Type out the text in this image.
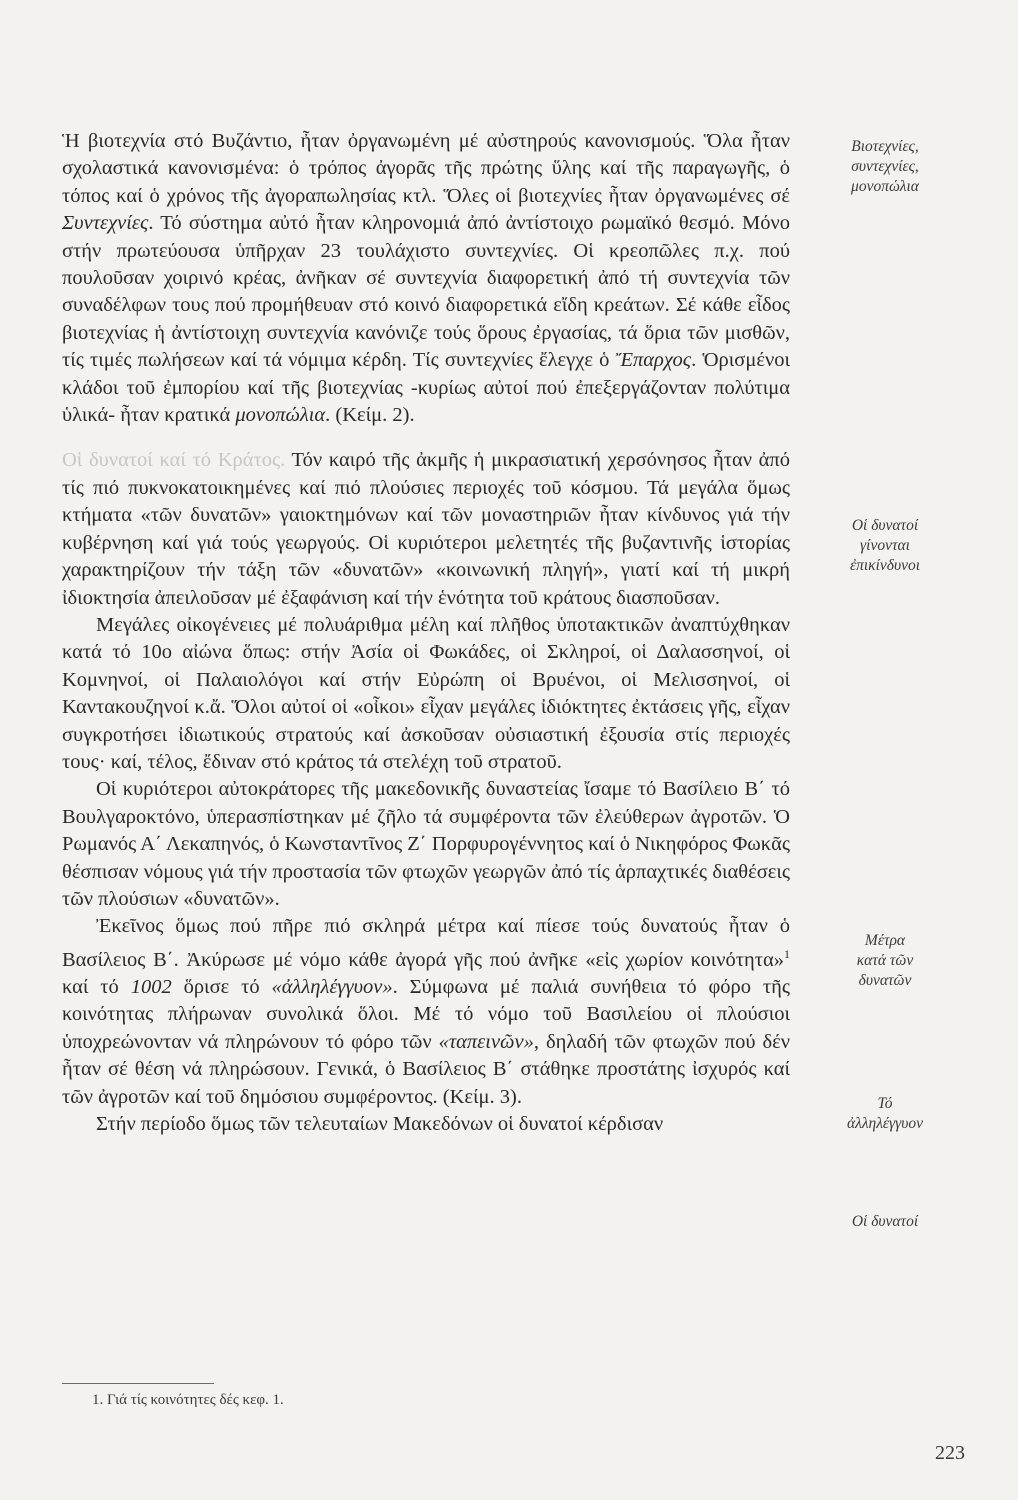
Ἡ βιοτεχνία στό Βυζάντιο, ἦταν ὀργανωμένη μέ αὐστηρούς κανονισμούς. Ὅλα ἦταν σχολαστικά κανονισμένα: ὁ τρόπος ἀγορᾶς τῆς πρώτης ὕλης καί τῆς παραγωγῆς, ὁ τόπος καί ὁ χρόνος τῆς ἀγοραπωλησίας κτλ. Ὅλες οἱ βιοτεχνίες ἦταν ὀργανωμένες σέ Συντεχνίες. Τό σύστημα αὐτό ἦταν κληρονομιά ἀπό ἀντίστοιχο ρωμαϊκό θεσμό. Μόνο στήν πρωτεύουσα ὑπῆρχαν 23 τουλάχιστο συντεχνίες. Οἱ κρεοπῶλες π.χ. πού πουλοῦσαν χοιρινό κρέας, ἀνῆκαν σέ συντεχνία διαφορετική ἀπό τή συντεχνία τῶν συναδέλφων τους πού προμήθευαν στό κοινό διαφορετικά εἴδη κρεάτων. Σέ κάθε εἶδος βιοτεχνίας ἡ ἀντίστοιχη συντεχνία κανόνιζε τούς ὅρους ἐργασίας, τά ὅρια τῶν μισθῶν, τίς τιμές πωλήσεων καί τά νόμιμα κέρδη. Τίς συντεχνίες ἔλεγχε ὁ Ἔπαρχος. Ὁρισμένοι κλάδοι τοῦ ἐμπορίου καί τῆς βιοτεχνίας -κυρίως αὐτοί πού ἐπεξεργάζονταν πολύτιμα ὑλικά- ἦταν κρατικά μονοπώλια. (Κείμ. 2).

Οἱ δυνατοί καί τό Κράτος. Τόν καιρό τῆς ἀκμῆς ἡ μικρασιατική χερσόνησος ἦταν ἀπό τίς πιό πυκνοκατοικημένες καί πιό πλούσιες περιοχές τοῦ κόσμου. Τά μεγάλα ὅμως κτήματα «τῶν δυνατῶν» γαιοκτημόνων καί τῶν μοναστηριῶν ἦταν κίνδυνος γιά τήν κυβέρνηση καί γιά τούς γεωργούς. Οἱ κυριότεροι μελετητές τῆς βυζαντινῆς ἱστορίας χαρακτηρίζουν τήν τάξη τῶν «δυνατῶν» «κοινωνική πληγή», γιατί καί τή μικρή ἰδιοκτησία ἀπειλοῦσαν μέ ἐξαφάνιση καί τήν ἑνότητα τοῦ κράτους διασποῦσαν.

Μεγάλες οἰκογένειες μέ πολυάριθμα μέλη καί πλῆθος ὑποτακτικῶν ἀναπτύχθηκαν κατά τό 10ο αἰώνα ὅπως: στήν Ἀσία οἱ Φωκάδες, οἱ Σκληροί, οἱ Δαλασσηνοί, οἱ Κομνηνοί, οἱ Παλαιολόγοι καί στήν Εὐρώπη οἱ Βρυένοι, οἱ Μελισσηνοί, οἱ Καντακουζηνοί κ.ἄ. Ὅλοι αὐτοί οἱ «οἶκοι» εἶχαν μεγάλες ἰδιόκτητες ἐκτάσεις γῆς, εἶχαν συγκροτήσει ἰδιωτικούς στρατούς καί ἀσκοῦσαν οὐσιαστική ἐξουσία στίς περιοχές τους· καί, τέλος, ἔδιναν στό κράτος τά στελέχη τοῦ στρατοῦ.

Οἱ κυριότεροι αὐτοκράτορες τῆς μακεδονικῆς δυναστείας ἴσαμε τό Βασίλειο Β΄ τό Βουλγαροκτόνο, ὑπερασπίστηκαν μέ ζῆλο τά συμφέροντα τῶν ἐλεύθερων ἀγροτῶν. Ὁ Ρωμανός Α΄ Λεκαπηνός, ὁ Κωνσταντῖνος Ζ΄ Πορφυρογέννητος καί ὁ Νικηφόρος Φωκᾶς θέσπισαν νόμους γιά τήν προστασία τῶν φτωχῶν γεωργῶν ἀπό τίς ἁρπαχτικές διαθέσεις τῶν πλούσιων «δυνατῶν».

Ἐκεῖνος ὅμως πού πῆρε πιό σκληρά μέτρα καί πίεσε τούς δυνατούς ἦταν ὁ Βασίλειος Β΄. Ἀκύρωσε μέ νόμο κάθε ἀγορά γῆς πού ἀνῆκε «εἰς χωρίον κοινότητα»$^1$ καί τό 1002 ὅρισε τό «ἀλληλέγγυον». Σύμφωνα μέ παλιά συνήθεια τό φόρο τῆς κοινότητας πλήρωναν συνολικά ὅλοι. Μέ τό νόμο τοῦ Βασιλείου οἱ πλούσιοι ὑποχρεώνονταν νά πληρώνουν τό φόρο τῶν «ταπεινῶν», δηλαδή τῶν φτωχῶν πού δέν ἦταν σέ θέση νά πληρώσουν. Γενικά, ὁ Βασίλειος Β΄ στάθηκε προστάτης ἰσχυρός καί τῶν ἀγροτῶν καί τοῦ δημόσιου συμφέροντος. (Κείμ. 3).

Στήν περίοδο ὅμως τῶν τελευταίων Μακεδόνων οἱ δυνατοί κέρδισαν

Βιοτεχνίες,
συντεχνίες,
μονοπώλια
Οἱ δυνατοί
γίνονται
ἐπικίνδυνοι
Μέτρα
κατά τῶν
δυνατῶν
Τό
ἀλληλέγγυον
Οἱ δυνατοί
1. Γιά τίς κοινότητες δές κεφ. 1.
223
